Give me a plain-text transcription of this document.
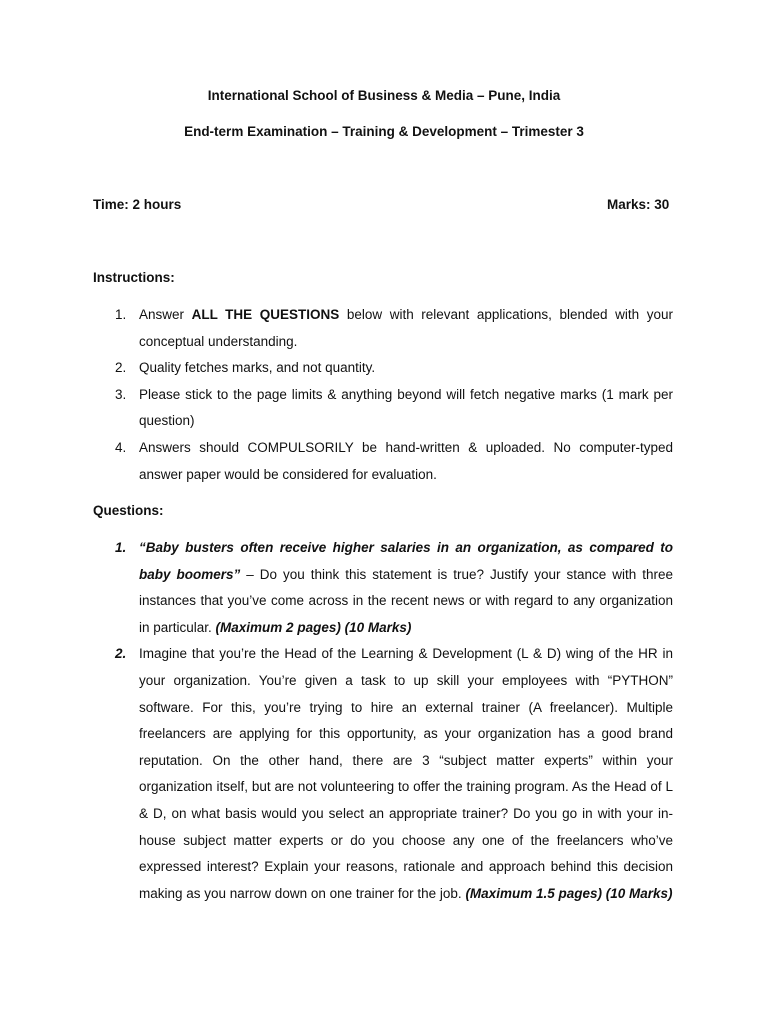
International School of Business & Media – Pune, India
End-term Examination – Training & Development – Trimester 3
Time: 2 hours	Marks: 30
Instructions:
1. Answer ALL THE QUESTIONS below with relevant applications, blended with your conceptual understanding.
2. Quality fetches marks, and not quantity.
3. Please stick to the page limits & anything beyond will fetch negative marks (1 mark per question)
4. Answers should COMPULSORILY be hand-written & uploaded. No computer-typed answer paper would be considered for evaluation.
Questions:
1. “Baby busters often receive higher salaries in an organization, as compared to baby boomers” – Do you think this statement is true? Justify your stance with three instances that you’ve come across in the recent news or with regard to any organization in particular. (Maximum 2 pages) (10 Marks)
2. Imagine that you’re the Head of the Learning & Development (L & D) wing of the HR in your organization. You’re given a task to up skill your employees with “PYTHON” software. For this, you’re trying to hire an external trainer (A freelancer). Multiple freelancers are applying for this opportunity, as your organization has a good brand reputation. On the other hand, there are 3 “subject matter experts” within your organization itself, but are not volunteering to offer the training program. As the Head of L & D, on what basis would you select an appropriate trainer? Do you go in with your in-house subject matter experts or do you choose any one of the freelancers who’ve expressed interest? Explain your reasons, rationale and approach behind this decision making as you narrow down on one trainer for the job. (Maximum 1.5 pages) (10 Marks)
